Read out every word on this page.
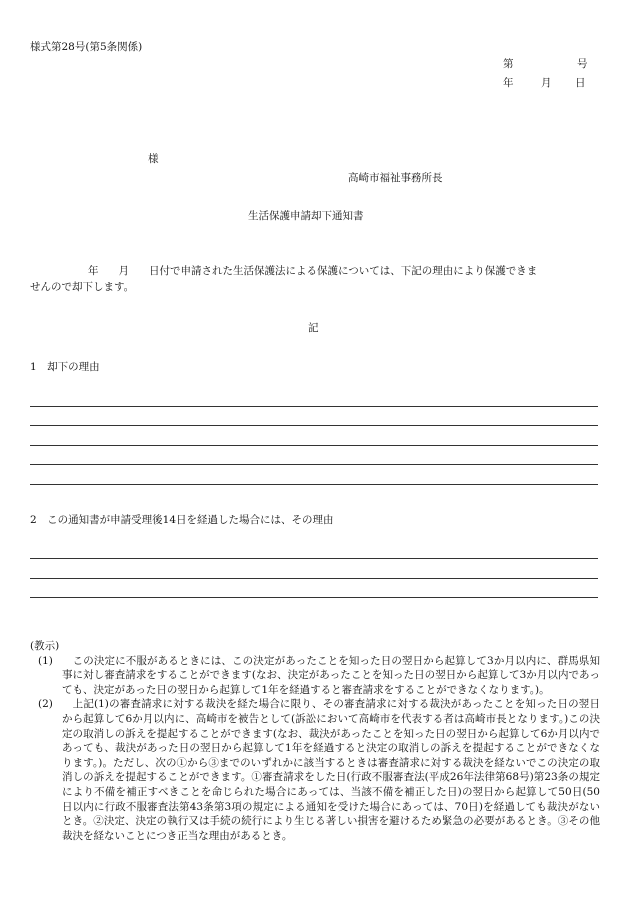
様式第28号(第5条関係)
第	号
年	月 日
様
高崎市福祉事務所長
生活保護申請却下通知書
年 月 日付で申請された生活保護法による保護については、下記の理由により保護できま
せんので却下します。
記
1　却下の理由
2　この通知書が申請受理後14日を経過した場合には、その理由
(教示)
(1) 　この決定に不服があるときには、この決定があったことを知った日の翌日から起算して3か月以内に、群馬県知事に対し審査請求をすることができます(なお、決定があったことを知った日の翌日から起算して3か月以内であっても、決定があった日の翌日から起算して1年を経過すると審査請求をすることができなくなります。)。
(2) 　上記(1)の審査請求に対する裁決を経た場合に限り、その審査請求に対する裁決があったことを知った日の翌日から起算して6か月以内に、高崎市を被告として(訴訟において高崎市を代表する者は高崎市長となります。)この決定の取消しの訴えを提起することができます(なお、裁決があったことを知った日の翌日から起算して6か月以内であっても、裁決があった日の翌日から起算して1年を経過すると決定の取消しの訴えを提起することができなくなります。)。ただし、次の①から③までのいずれかに該当するときは審査請求に対する裁決を経ないでこの決定の取消しの訴えを提起することができます。①審査請求をした日(行政不服審査法(平成26年法律第68号)第23条の規定により不備を補正すべきことを命じられた場合にあっては、当該不備を補正した日)の翌日から起算して50日(50日以内に行政不服審査法第43条第3項の規定による通知を受けた場合にあっては、70日)を経過しても裁決がないとき。②決定、決定の執行又は手続の続行により生じる著しい損害を避けるため緊急の必要があるとき。③その他裁決を経ないことにつき正当な理由があるとき。
